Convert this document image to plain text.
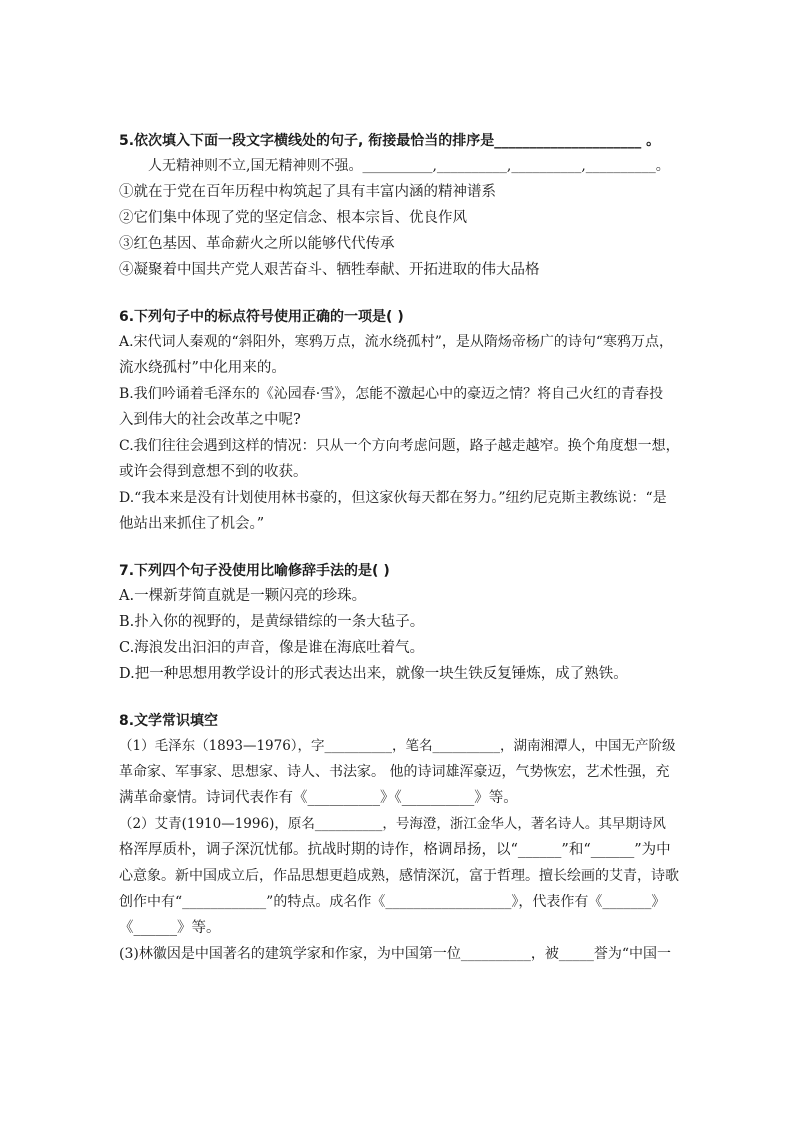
5.依次填入下面一段文字横线处的句子, 衔接最恰当的排序是_____________________ 。

人无精神则不立,国无精神则不强。__________,__________,__________,__________。

①就在于党在百年历程中构筑起了具有丰富内涵的精神谱系

②它们集中体现了党的坚定信念、根本宗旨、优良作风

③红色基因、革命薪火之所以能够代代传承

④凝聚着中国共产党人艰苦奋斗、牺牲奉献、开拓进取的伟大品格

6.下列句子中的标点符号使用正确的一项是( )

A.宋代词人秦观的“斜阳外，寒鸦万点，流水绕孤村”，是从隋炀帝杨广的诗句“寒鸦万点，

流水绕孤村”中化用来的。

B.我们吟诵着毛泽东的《沁园春·雪》，怎能不激起心中的豪迈之情？将自己火红的青春投

入到伟大的社会改革之中呢?

C.我们往往会遇到这样的情况：只从一个方向考虑问题，路子越走越窄。换个角度想一想，

或许会得到意想不到的收获。

D.“我本来是没有计划使用林书豪的，但这家伙每天都在努力。”纽约尼克斯主教练说：“是

他站出来抓住了机会。”

7.下列四个句子没使用比喻修辞手法的是( )

A.一棵新芽简直就是一颗闪亮的珍珠。

B.扑入你的视野的，是黄绿错综的一条大毡子。

C.海浪发出汩汩的声音，像是谁在海底吐着气。

D.把一种思想用教学设计的形式表达出来，就像一块生铁反复锤炼，成了熟铁。

8.文学常识填空

（1）毛泽东（1893—1976），字__________，笔名__________，湖南湘潭人，中国无产阶级

革命家、军事家、思想家、诗人、书法家。 他的诗词雄浑豪迈，气势恢宏，艺术性强，充

满革命豪情。诗词代表作有《__________》《__________》等。

（2）艾青(1910—1996)，原名__________，号海澄，浙江金华人，著名诗人。其早期诗风

格浑厚质朴，调子深沉忧郁。抗战时期的诗作，格调昂扬，以“______”和“______”为中

心意象。新中国成立后，作品思想更趋成熟，感情深沉，富于哲理。擅长绘画的艾青，诗歌

创作中有“____________”的特点。成名作《__________________》，代表作有《_______》

《______》等。

(3)林徽因是中国著名的建筑学家和作家，为中国第一位__________，被_____誉为“中国一
